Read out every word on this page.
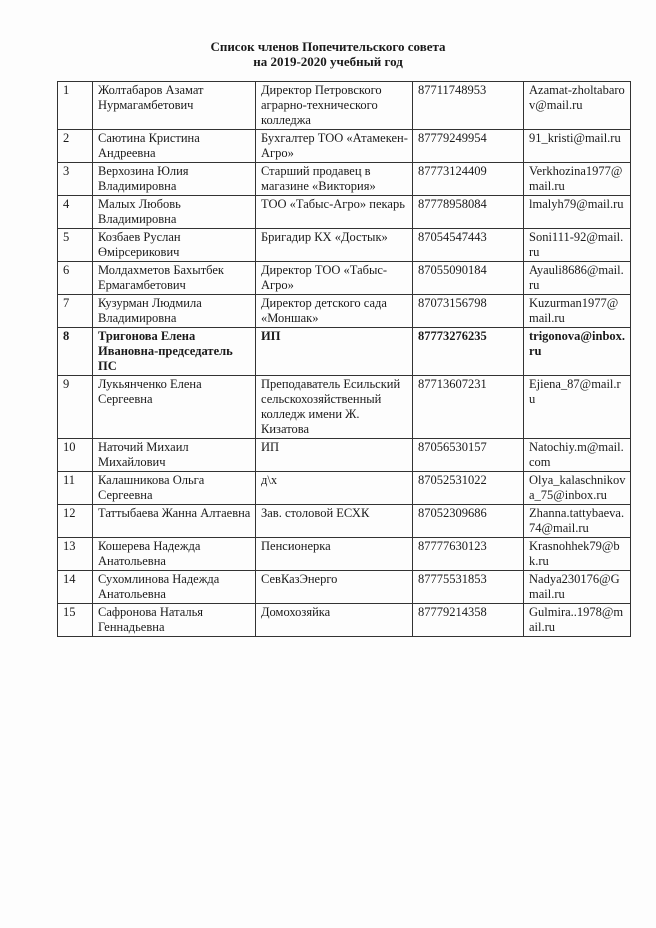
Список членов Попечительского совета
на 2019-2020 учебный год
1	Жолтабаров Азамат Нурмагамбетович	Директор Петровского аграрно-технического колледжа	87711748953	Azamat-zholtabarov@mail.ru
2	Саютина Кристина Андреевна	Бухгалтер ТОО «Атамекен-Агро»	87779249954	91_kristi@mail.ru
3	Верхозина Юлия Владимировна	Старший продавец в магазине «Виктория»	87773124409	Verkhozina1977@mail.ru
4	Малых Любовь Владимировна	ТОО «Табыс-Агро» пекарь	87778958084	lmalyh79@mail.ru
5	Козбаев Руслан Өмірсерикович	Бригадир КХ «Достык»	87054547443	Soni111-92@mail.ru
6	Молдахметов Бахытбек Ермагамбетович	Директор ТОО «Табыс-Агро»	87055090184	Ayauli8686@mail.ru
7	Кузурман Людмила Владимировна	Директор детского сада «Моншак»	87073156798	Kuzurman1977@mail.ru
8	Тригонова Елена Ивановна-председатель ПС	ИП	87773276235	trigonova@inbox.ru
9	Лукьянченко Елена Сергеевна	Преподаватель Есильский сельскохозяйственный колледж имени Ж. Кизатова	87713607231	Ejiena_87@mail.ru
10	Наточий Михаил Михайлович	ИП	87056530157	Natochiy.m@mail.com
11	Калашникова Ольга Сергеевна	д\х	87052531022	Olya_kalaschnikova_75@inbox.ru
12	Таттыбаева Жанна Алтаевна	Зав. столовой ЕСХК	87052309686	Zhanna.tattybaeva.74@mail.ru
13	Кошерева Надежда Анатольевна	Пенсионерка	87777630123	Krasnohhek79@bk.ru
14	Сухомлинова Надежда Анатольевна	СевКазЭнерго	87775531853	Nadya230176@Gmail.ru
15	Сафронова Наталья Геннадьевна	Домохозяйка	87779214358	Gulmira..1978@mail.ru
